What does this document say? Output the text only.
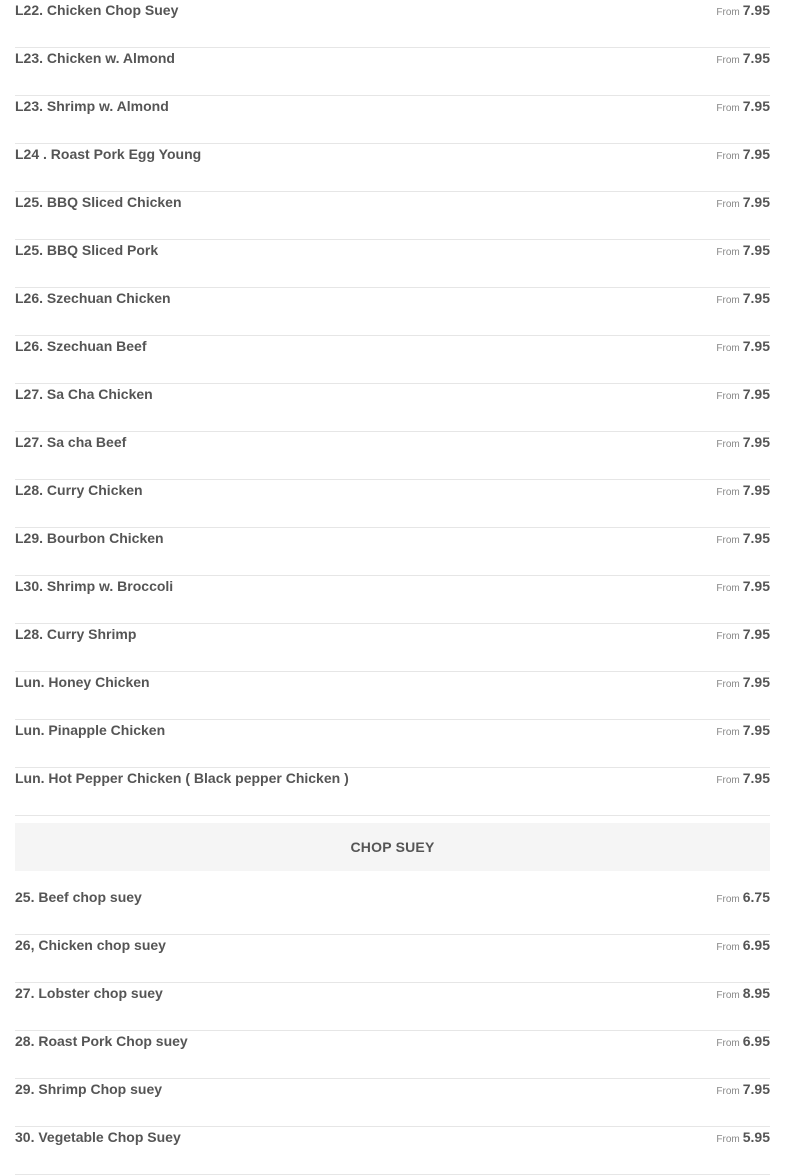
L22. Chicken Chop Suey	From 7.95
L23. Chicken w. Almond	From 7.95
L23. Shrimp w. Almond	From 7.95
L24 . Roast Pork Egg Young	From 7.95
L25. BBQ Sliced Chicken	From 7.95
L25. BBQ Sliced Pork	From 7.95
L26. Szechuan Chicken	From 7.95
L26. Szechuan Beef	From 7.95
L27. Sa Cha Chicken	From 7.95
L27. Sa cha Beef	From 7.95
L28. Curry Chicken	From 7.95
L29. Bourbon Chicken	From 7.95
L30. Shrimp w. Broccoli	From 7.95
L28. Curry Shrimp	From 7.95
Lun. Honey Chicken	From 7.95
Lun. Pinapple Chicken	From 7.95
Lun. Hot Pepper Chicken ( Black pepper Chicken )	From 7.95
CHOP SUEY
25. Beef chop suey	From 6.75
26, Chicken chop suey	From 6.95
27. Lobster chop suey	From 8.95
28. Roast Pork Chop suey	From 6.95
29. Shrimp Chop suey	From 7.95
30. Vegetable Chop Suey	From 5.95
